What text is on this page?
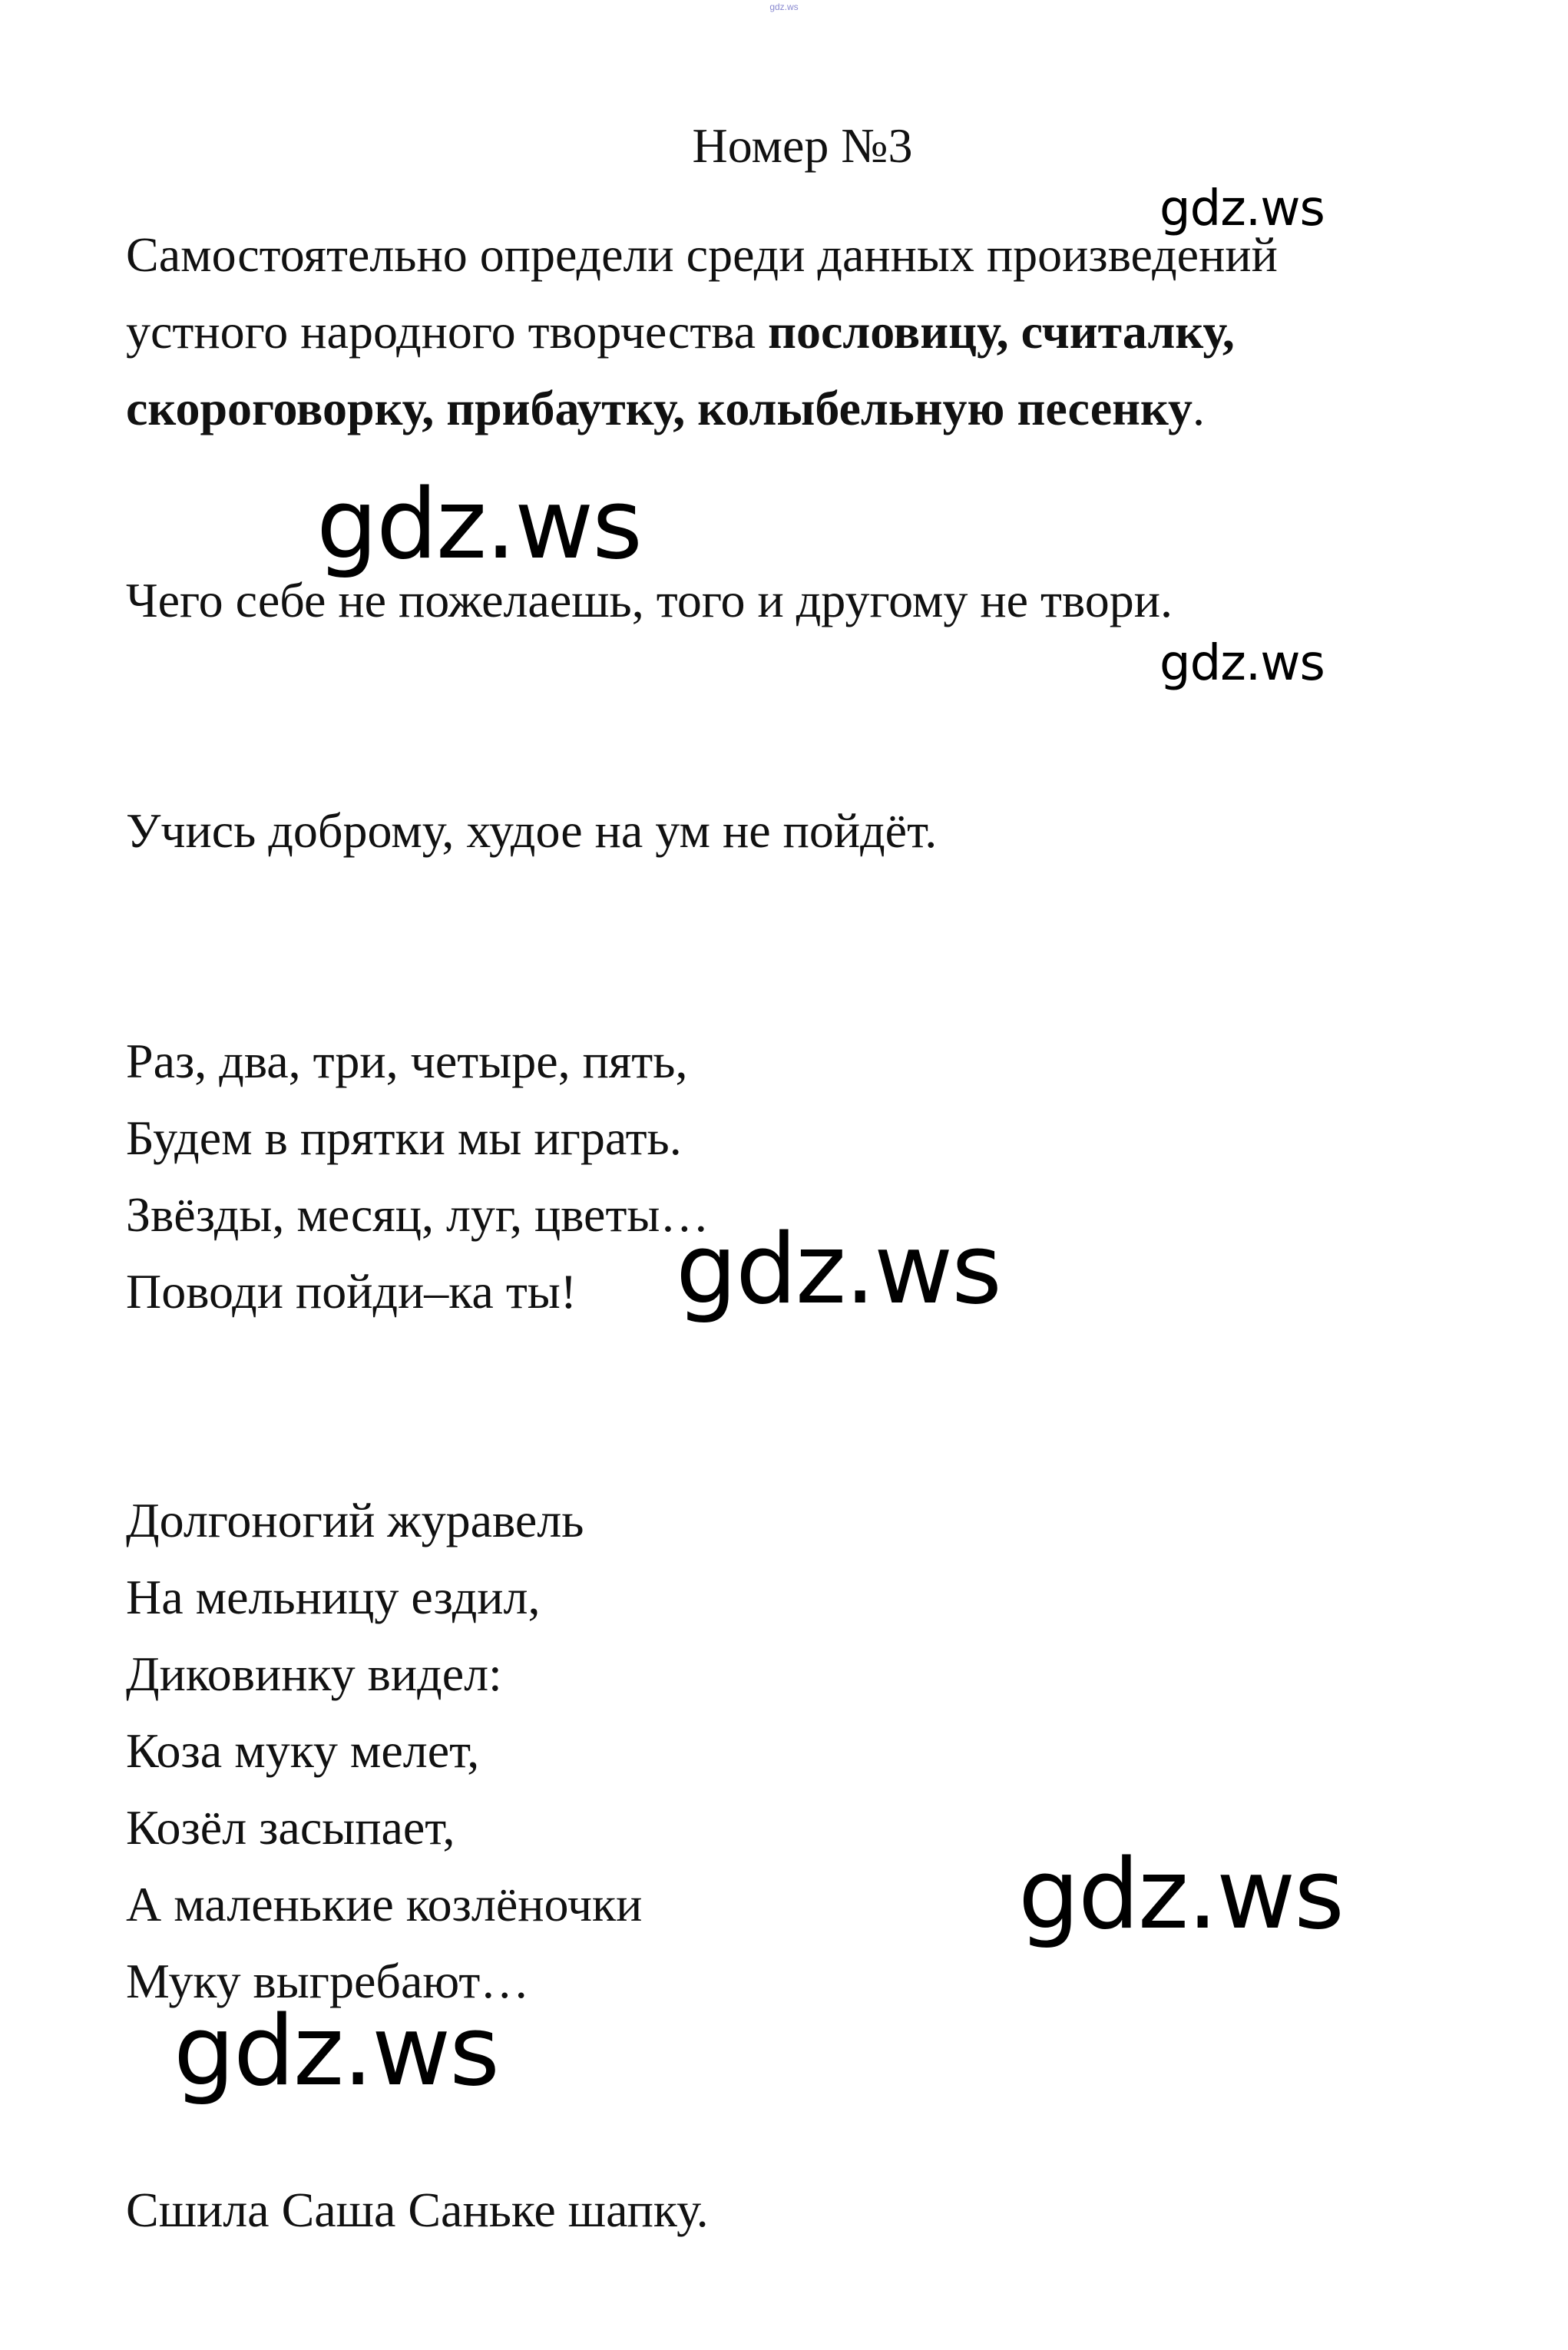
gdz.ws
Номер №3
Самостоятельно определи среди данных произведений
устного народного творчества пословицу, считалку,
скороговорку, прибаутку, колыбельную песенку.
Чего себе не пожелаешь, того и другому не твори.
Учись доброму, худое на ум не пойдёт.
Раз, два, три, четыре, пять,
Будем в прятки мы играть.
Звёзды, месяц, луг, цветы…
Поводи пойди–ка ты!
Долгоногий журавель
На мельницу ездил,
Диковинку видел:
Коза муку мелет,
Козёл засыпает,
А маленькие козлёночки
Муку выгребают…
Сшила Саша Саньке шапку.
gdz.ws
gdz.ws
gdz.ws
gdz.ws
gdz.ws
gdz.ws
